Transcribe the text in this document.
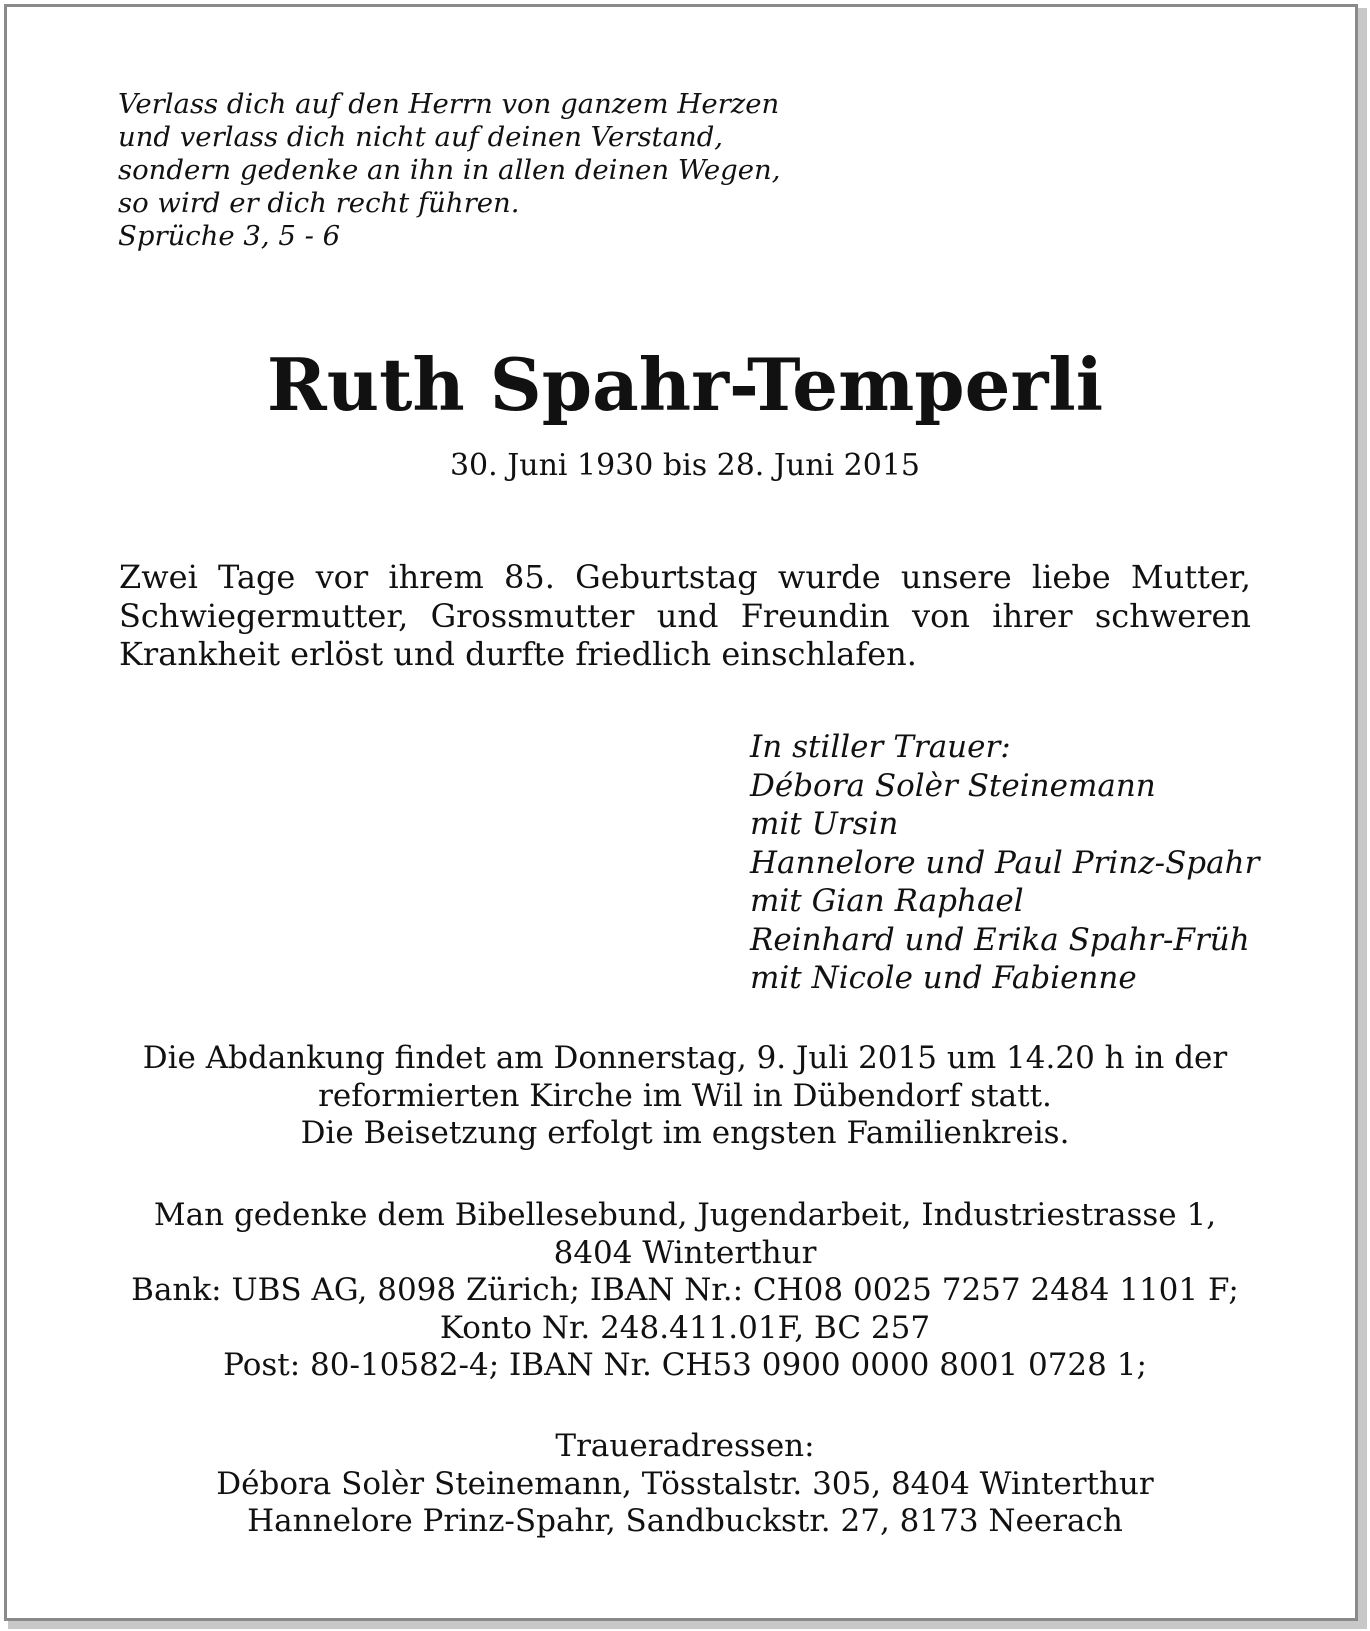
Verlass dich auf den Herrn von ganzem Herzen
und verlass dich nicht auf deinen Verstand,
sondern gedenke an ihn in allen deinen Wegen,
so wird er dich recht führen.
Sprüche 3, 5 - 6
Ruth Spahr-Temperli
30. Juni 1930 bis 28. Juni 2015
Zwei Tage vor ihrem 85. Geburtstag wurde unsere liebe Mutter,
Schwiegermutter, Grossmutter und Freundin von ihrer schweren
Krankheit erlöst und durfte friedlich einschlafen.
In stiller Trauer:
Débora Solèr Steinemann
mit Ursin
Hannelore und Paul Prinz-Spahr
mit Gian Raphael
Reinhard und Erika Spahr-Früh
mit Nicole und Fabienne
Die Abdankung findet am Donnerstag, 9. Juli 2015 um 14.20 h in der
reformierten Kirche im Wil in Dübendorf statt.
Die Beisetzung erfolgt im engsten Familienkreis.
Man gedenke dem Bibellesebund, Jugendarbeit, Industriestrasse 1,
8404 Winterthur
Bank: UBS AG, 8098 Zürich; IBAN Nr.: CH08 0025 7257 2484 1101 F;
Konto Nr. 248.411.01F, BC 257
Post: 80-10582-4; IBAN Nr. CH53 0900 0000 8001 0728 1;
Traueradressen:
Débora Solèr Steinemann, Tösstalstr. 305, 8404 Winterthur
Hannelore Prinz-Spahr, Sandbuckstr. 27, 8173 Neerach
